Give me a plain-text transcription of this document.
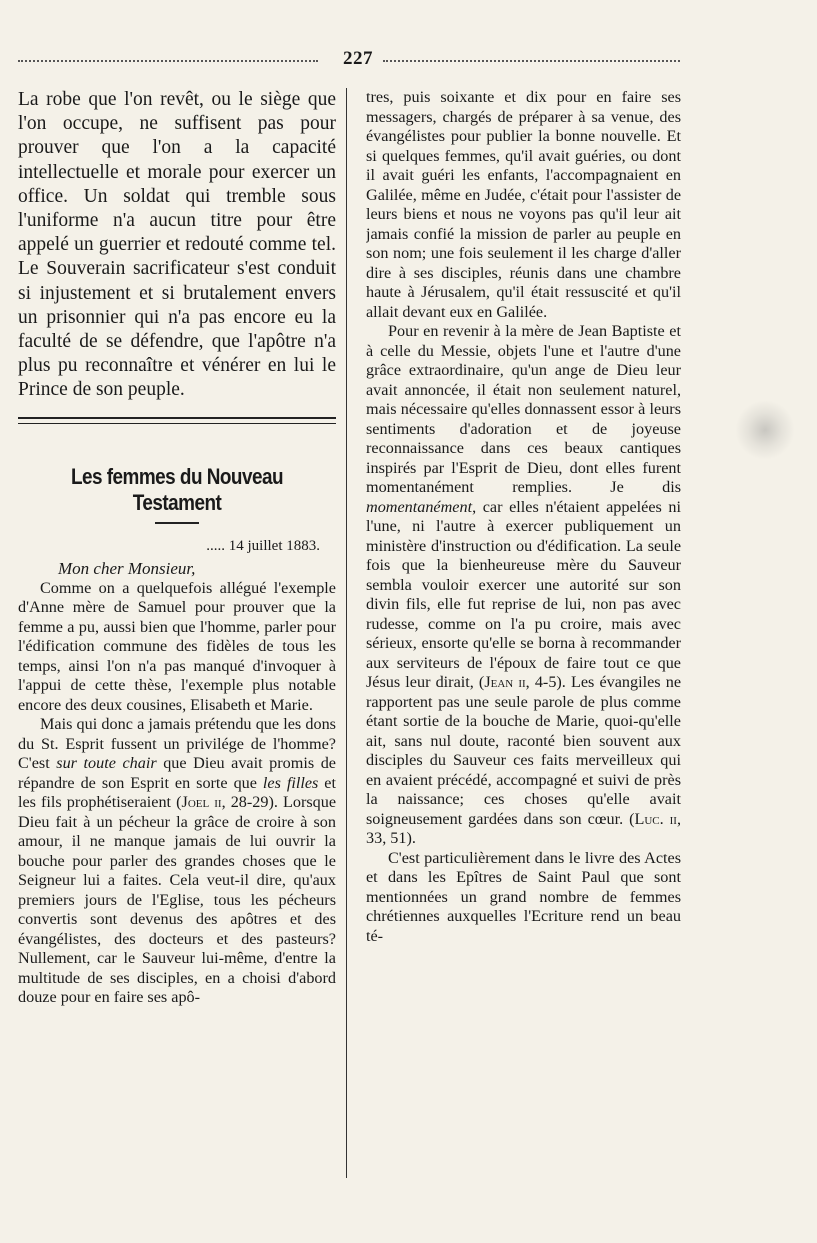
227

La robe que l'on revêt, ou le siège que l'on occupe, ne suffisent pas pour prouver que l'on a la capacité intellectuelle et morale pour exercer un office. Un soldat qui tremble sous l'uniforme n'a aucun titre pour être appelé un guerrier et redouté comme tel. Le Souverain sacrificateur s'est conduit si injustement et si brutalement envers un prisonnier qui n'a pas encore eu la faculté de se défendre, que l'apôtre n'a plus pu reconnaître et vénérer en lui le Prince de son peuple.

Les femmes du Nouveau Testament
..... 14 juillet 1883.
Mon cher Monsieur,

Comme on a quelquefois allégué l'exemple d'Anne mère de Samuel pour prouver que la femme a pu, aussi bien que l'homme, parler pour l'édification commune des fidèles de tous les temps, ainsi l'on n'a pas manqué d'invoquer à l'appui de cette thèse, l'exemple plus notable encore des deux cousines, Elisabeth et Marie.

Mais qui donc a jamais prétendu que les dons du St. Esprit fussent un privilége de l'homme? C'est sur toute chair que Dieu avait promis de répandre de son Esprit en sorte que les filles et les fils prophétiseraient (Joel ii, 28-29). Lorsque Dieu fait à un pécheur la grâce de croire à son amour, il ne manque jamais de lui ouvrir la bouche pour parler des grandes choses que le Seigneur lui a faites. Cela veut-il dire, qu'aux premiers jours de l'Eglise, tous les pécheurs convertis sont devenus des apôtres et des évangélistes, des docteurs et des pasteurs? Nullement, car le Sauveur lui-même, d'entre la multitude de ses disciples, en a choisi d'abord douze pour en faire ses apô-

tres, puis soixante et dix pour en faire ses messagers, chargés de préparer à sa venue, des évangélistes pour publier la bonne nouvelle. Et si quelques femmes, qu'il avait guéries, ou dont il avait guéri les enfants, l'accompagnaient en Galilée, même en Judée, c'était pour l'assister de leurs biens et nous ne voyons pas qu'il leur ait jamais confié la mission de parler au peuple en son nom; une fois seulement il les charge d'aller dire à ses disciples, réunis dans une chambre haute à Jérusalem, qu'il était ressuscité et qu'il allait devant eux en Galilée.

Pour en revenir à la mère de Jean Baptiste et à celle du Messie, objets l'une et l'autre d'une grâce extraordinaire, qu'un ange de Dieu leur avait annoncée, il était non seulement naturel, mais nécessaire qu'elles donnassent essor à leurs sentiments d'adoration et de joyeuse reconnaissance dans ces beaux cantiques inspirés par l'Esprit de Dieu, dont elles furent momentanément remplies. Je dis momentanément, car elles n'étaient appelées ni l'une, ni l'autre à exercer publiquement un ministère d'instruction ou d'édification. La seule fois que la bienheureuse mère du Sauveur sembla vouloir exercer une autorité sur son divin fils, elle fut reprise de lui, non pas avec rudesse, comme on l'a pu croire, mais avec sérieux, ensorte qu'elle se borna à recommander aux serviteurs de l'époux de faire tout ce que Jésus leur dirait, (Jean ii, 4-5). Les évangiles ne rapportent pas une seule parole de plus comme étant sortie de la bouche de Marie, quoi-qu'elle ait, sans nul doute, raconté bien souvent aux disciples du Sauveur ces faits merveilleux qui en avaient précédé, accompagné et suivi de près la naissance; ces choses qu'elle avait soigneusement gardées dans son cœur. (Luc. ii, 33, 51).

C'est particulièrement dans le livre des Actes et dans les Epîtres de Saint Paul que sont mentionnées un grand nombre de femmes chrétiennes auxquelles l'Ecriture rend un beau té-
